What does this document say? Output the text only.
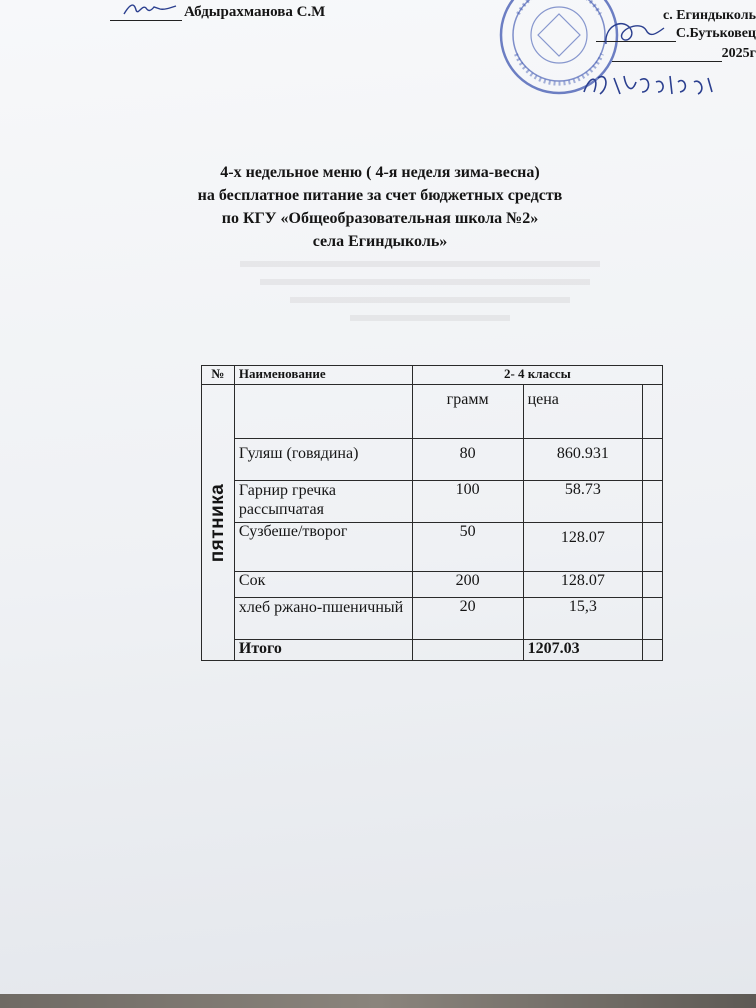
Абдырахманова С.М	с. Егиндыколь
С.Бутьковец
2025г
4-х недельное меню ( 4-я неделя зима-весна)
на бесплатное питание за счет бюджетных средств
по КГУ «Общеобразовательная школа №2»
села Егиндыколь»
№	Наименование	2- 4 классы		

пятника		грамм	цена	
	Гуляш (говядина)	80	860.931	
	Гарнир гречка рассыпчатая	100	58.73	
	Сузбеше/творог	50	128.07	
	Сок	200	128.07	
	хлеб ржано-пшеничный	20	15,3	
	Итого		1207.03	
